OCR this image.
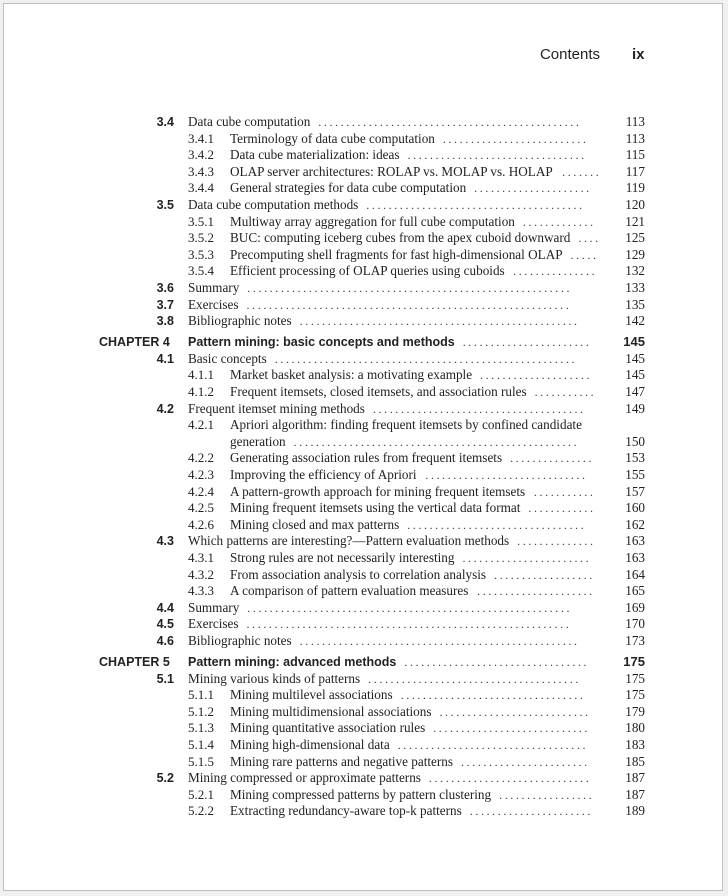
Contents ix
3.4 Data cube computation ...............................................	113
3.4.1 Terminology of data cube computation ..........................	113
3.4.2 Data cube materialization: ideas ................................	115
3.4.3 OLAP server architectures: ROLAP vs. MOLAP vs. HOLAP .......	117
3.4.4 General strategies for data cube computation .....................	119
3.5 Data cube computation methods .......................................	120
3.5.1 Multiway array aggregation for full cube computation .............	121
3.5.2 BUC: computing iceberg cubes from the apex cuboid downward ....	125
3.5.3 Precomputing shell fragments for fast high-dimensional OLAP .....	129
3.5.4 Efficient processing of OLAP queries using cuboids ...............	132
3.6 Summary ..........................................................	133
3.7 Exercises ..........................................................	135
3.8 Bibliographic notes ..................................................	142
CHAPTER 4 Pattern mining: basic concepts and methods .......................	145
4.1 Basic concepts ......................................................	145
4.1.1 Market basket analysis: a motivating example ....................	145
4.1.2 Frequent itemsets, closed itemsets, and association rules ...........	147
4.2 Frequent itemset mining methods ......................................	149
4.2.1 Apriori algorithm: finding frequent itemsets by confined candidate
generation ...................................................	150
4.2.2 Generating association rules from frequent itemsets ...............	153
4.2.3 Improving the efficiency of Apriori .............................	155
4.2.4 A pattern-growth approach for mining frequent itemsets ...........	157
4.2.5 Mining frequent itemsets using the vertical data format ............	160
4.2.6 Mining closed and max patterns ................................	162
4.3 Which patterns are interesting?—Pattern evaluation methods ..............	163
4.3.1 Strong rules are not necessarily interesting .......................	163
4.3.2 From association analysis to correlation analysis ..................	164
4.3.3 A comparison of pattern evaluation measures .....................	165
4.4 Summary ..........................................................	169
4.5 Exercises ..........................................................	170
4.6 Bibliographic notes ..................................................	173
CHAPTER 5 Pattern mining: advanced methods .................................	175
5.1 Mining various kinds of patterns ......................................	175
5.1.1 Mining multilevel associations .................................	175
5.1.2 Mining multidimensional associations ...........................	179
5.1.3 Mining quantitative association rules ............................	180
5.1.4 Mining high-dimensional data ..................................	183
5.1.5 Mining rare patterns and negative patterns .......................	185
5.2 Mining compressed or approximate patterns .............................	187
5.2.1 Mining compressed patterns by pattern clustering .................	187
5.2.2 Extracting redundancy-aware top-k patterns ......................	189
